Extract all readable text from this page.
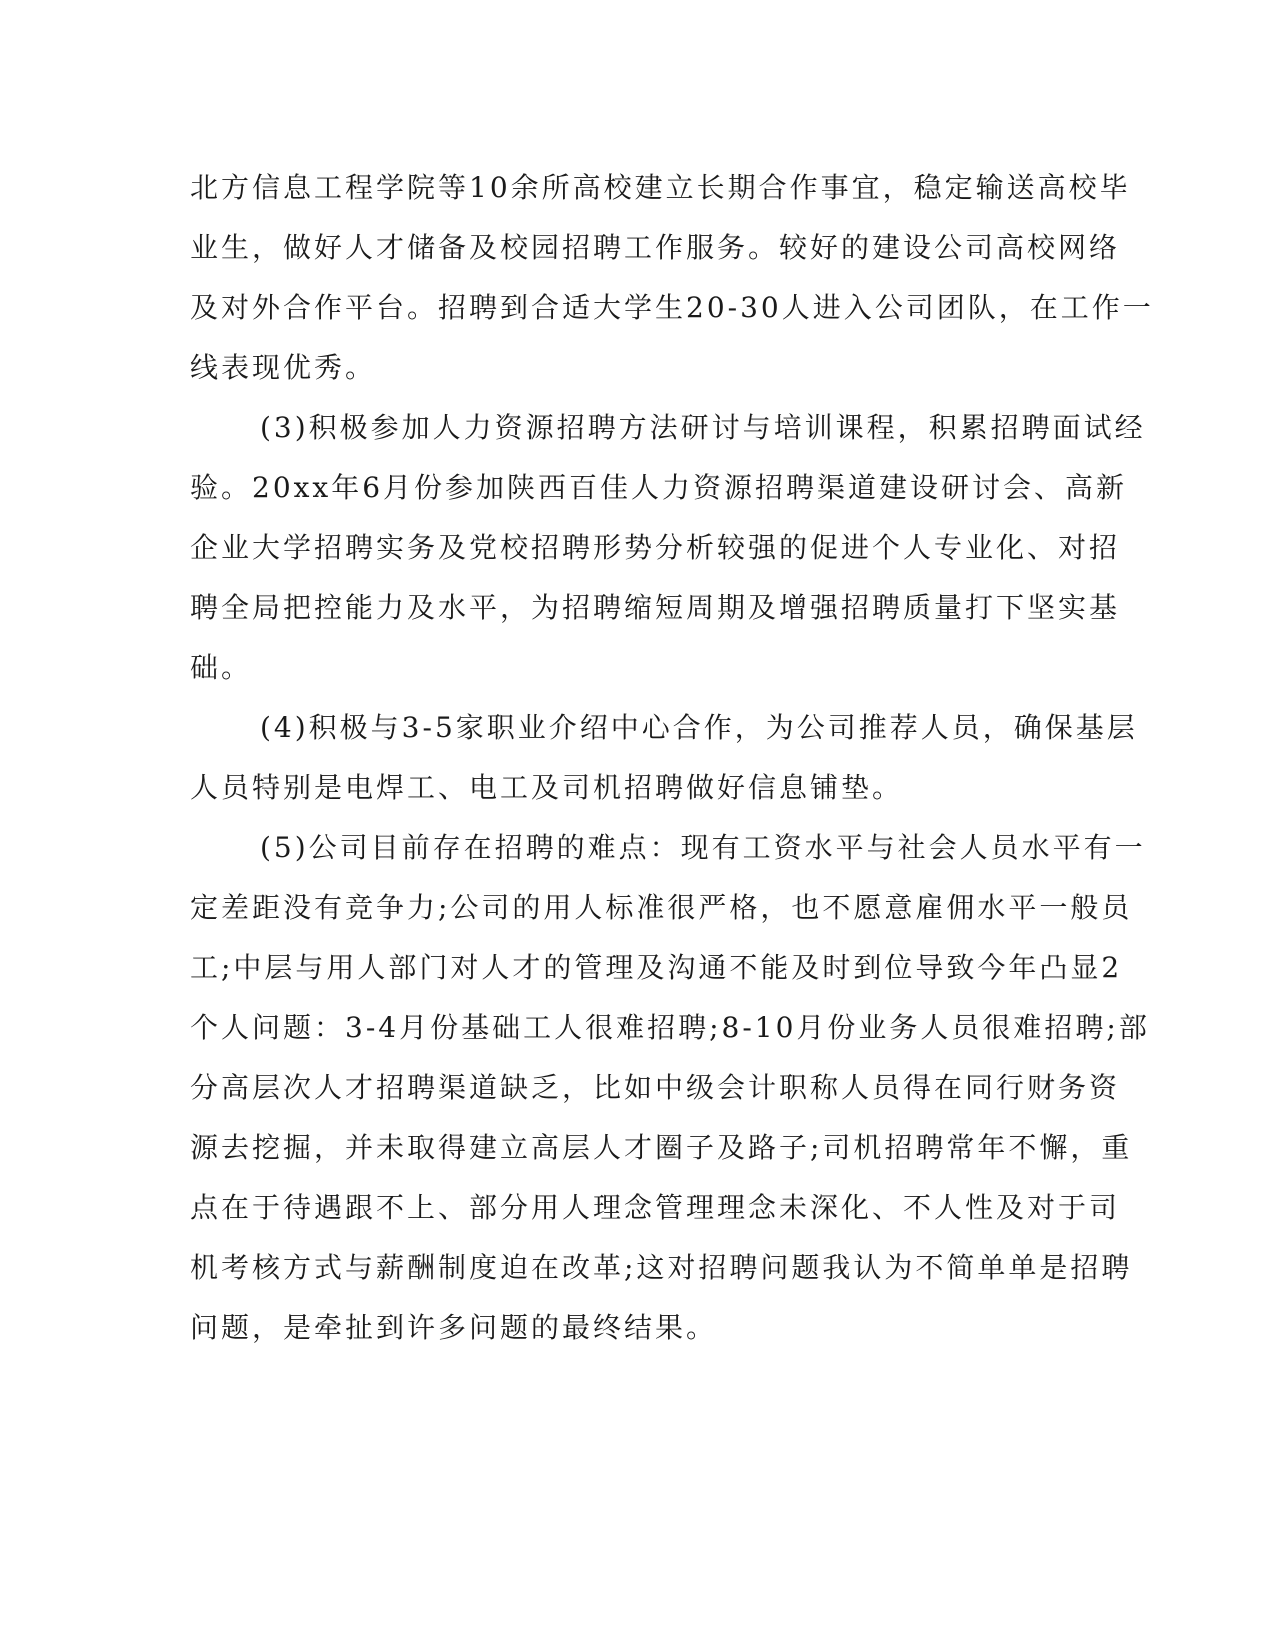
北方信息工程学院等10余所高校建立长期合作事宜，稳定输送高校毕
业生，做好人才储备及校园招聘工作服务。较好的建设公司高校网络
及对外合作平台。招聘到合适大学生20-30人进入公司团队，在工作一
线表现优秀。
(3)积极参加人力资源招聘方法研讨与培训课程，积累招聘面试经
验。20xx年6月份参加陕西百佳人力资源招聘渠道建设研讨会、高新
企业大学招聘实务及党校招聘形势分析较强的促进个人专业化、对招
聘全局把控能力及水平，为招聘缩短周期及增强招聘质量打下坚实基
础。
(4)积极与3-5家职业介绍中心合作，为公司推荐人员，确保基层
人员特别是电焊工、电工及司机招聘做好信息铺垫。
(5)公司目前存在招聘的难点：现有工资水平与社会人员水平有一
定差距没有竞争力;公司的用人标准很严格，也不愿意雇佣水平一般员
工;中层与用人部门对人才的管理及沟通不能及时到位导致今年凸显2
个人问题：3-4月份基础工人很难招聘;8-10月份业务人员很难招聘;部
分高层次人才招聘渠道缺乏，比如中级会计职称人员得在同行财务资
源去挖掘，并未取得建立高层人才圈子及路子;司机招聘常年不懈，重
点在于待遇跟不上、部分用人理念管理理念未深化、不人性及对于司
机考核方式与薪酬制度迫在改革;这对招聘问题我认为不简单单是招聘
问题，是牵扯到许多问题的最终结果。
